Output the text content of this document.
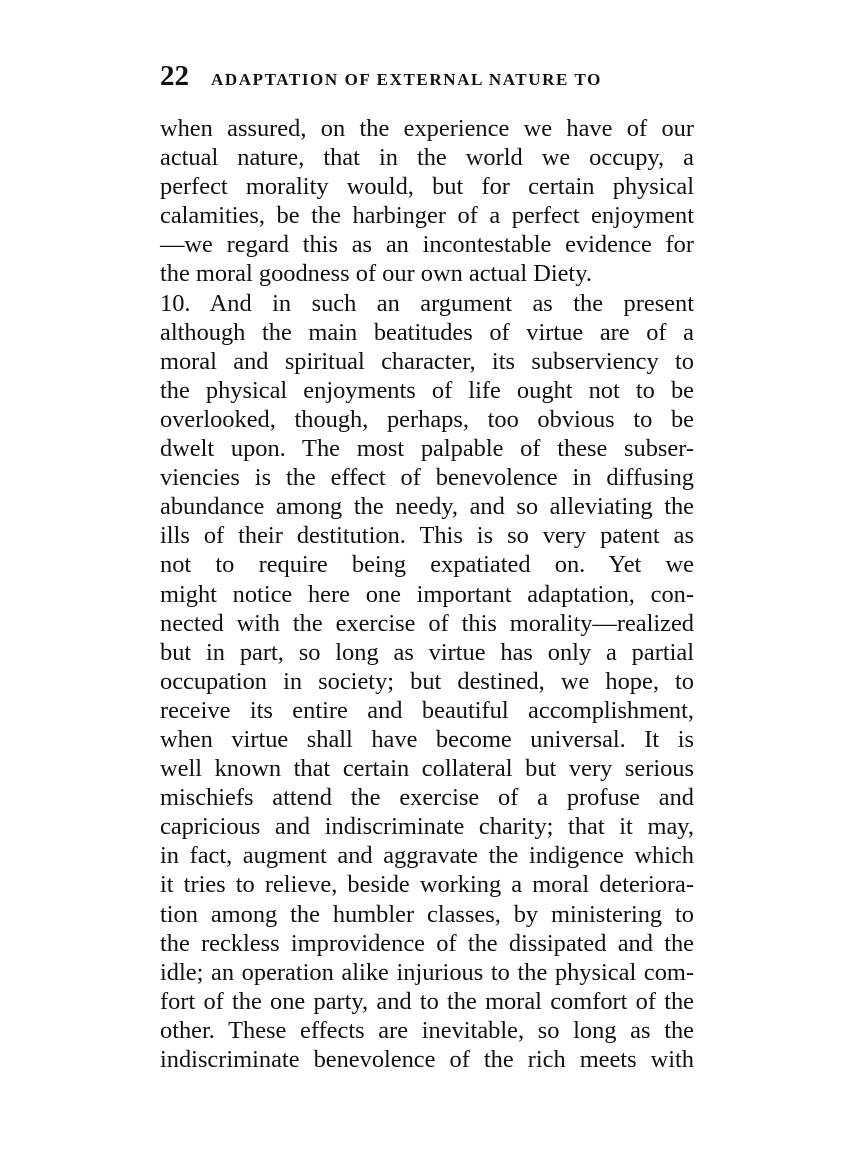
22 ADAPTATION OF EXTERNAL NATURE TO
when assured, on the experience we have of our
actual nature, that in the world we occupy, a
perfect morality would, but for certain physical
calamities, be the harbinger of a perfect enjoyment
—we regard this as an incontestable evidence for
the moral goodness of our own actual Diety.
10. And in such an argument as the present
although the main beatitudes of virtue are of a
moral and spiritual character, its subserviency to
the physical enjoyments of life ought not to be
overlooked, though, perhaps, too obvious to be
dwelt upon. The most palpable of these subser-
viencies is the effect of benevolence in diffusing
abundance among the needy, and so alleviating the
ills of their destitution. This is so very patent as
not to require being expatiated on. Yet we
might notice here one important adaptation, con-
nected with the exercise of this morality—realized
but in part, so long as virtue has only a partial
occupation in society; but destined, we hope, to
receive its entire and beautiful accomplishment,
when virtue shall have become universal. It is
well known that certain collateral but very serious
mischiefs attend the exercise of a profuse and
capricious and indiscriminate charity; that it may,
in fact, augment and aggravate the indigence which
it tries to relieve, beside working a moral deteriora-
tion among the humbler classes, by ministering to
the reckless improvidence of the dissipated and the
idle; an operation alike injurious to the physical com-
fort of the one party, and to the moral comfort of the
other. These effects are inevitable, so long as the
indiscriminate benevolence of the rich meets with
